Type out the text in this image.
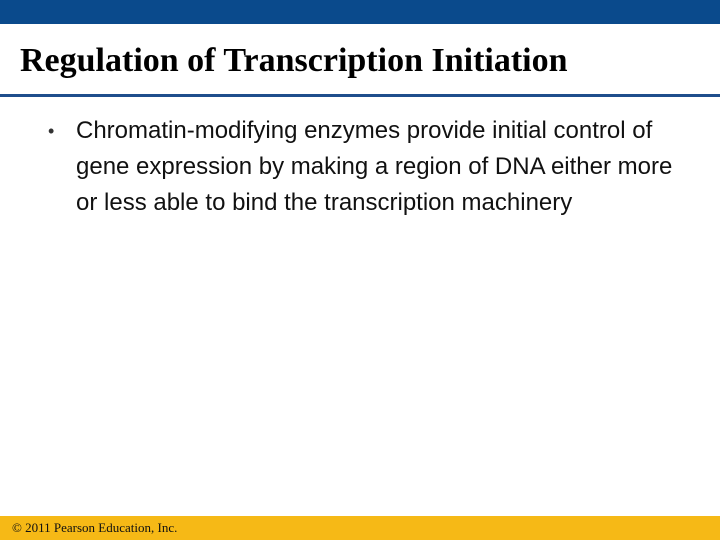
Regulation of Transcription Initiation
• Chromatin-modifying enzymes provide initial control of gene expression by making a region of DNA either more or less able to bind the transcription machinery
© 2011 Pearson Education, Inc.
